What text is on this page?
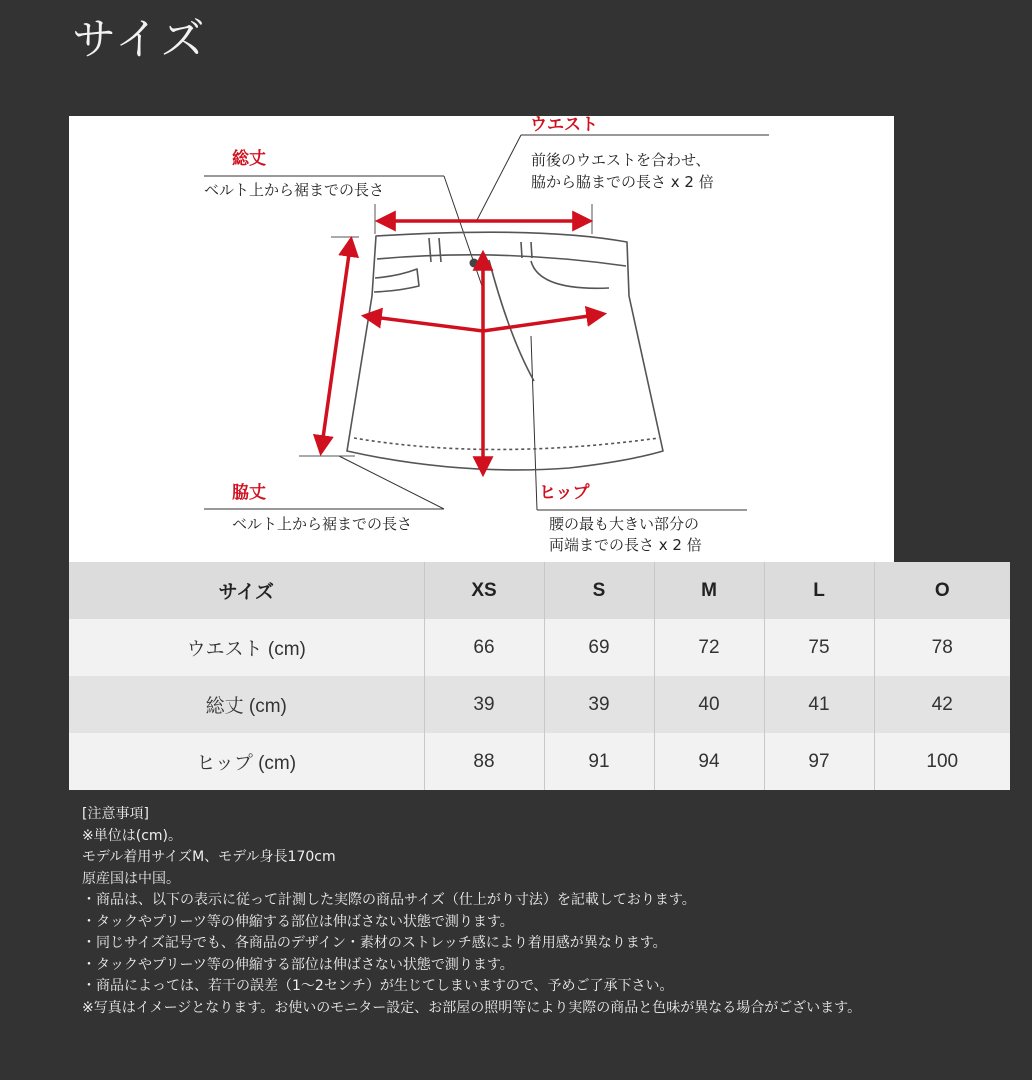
サイズ
総丈
ベルト上から裾までの長さ
ウエスト
前後のウエストを合わせ、
脇から脇までの長さ x 2 倍
脇丈
ベルト上から裾までの長さ
ヒップ
腰の最も大きい部分の
両端までの長さ x 2 倍
サイズ	XS	S	M	L	O
ウエスト (cm)	66	69	72	75	78
総丈 (cm)	39	39	40	41	42
ヒップ (cm)	88	91	94	97	100
[注意事項]
※単位は(cm)。
モデル着用サイズM、モデル身長170cm
原産国は中国。
・商品は、以下の表示に従って計測した実際の商品サイズ（仕上がり寸法）を記載しております。
・タックやプリーツ等の伸縮する部位は伸ばさない状態で測ります。
・同じサイズ記号でも、各商品のデザイン・素材のストレッチ感により着用感が異なります。
・タックやプリーツ等の伸縮する部位は伸ばさない状態で測ります。
・商品によっては、若干の誤差（1〜2センチ）が生じてしまいますので、予めご了承下さい。
※写真はイメージとなります。お使いのモニター設定、お部屋の照明等により実際の商品と色味が異なる場合がございます。
